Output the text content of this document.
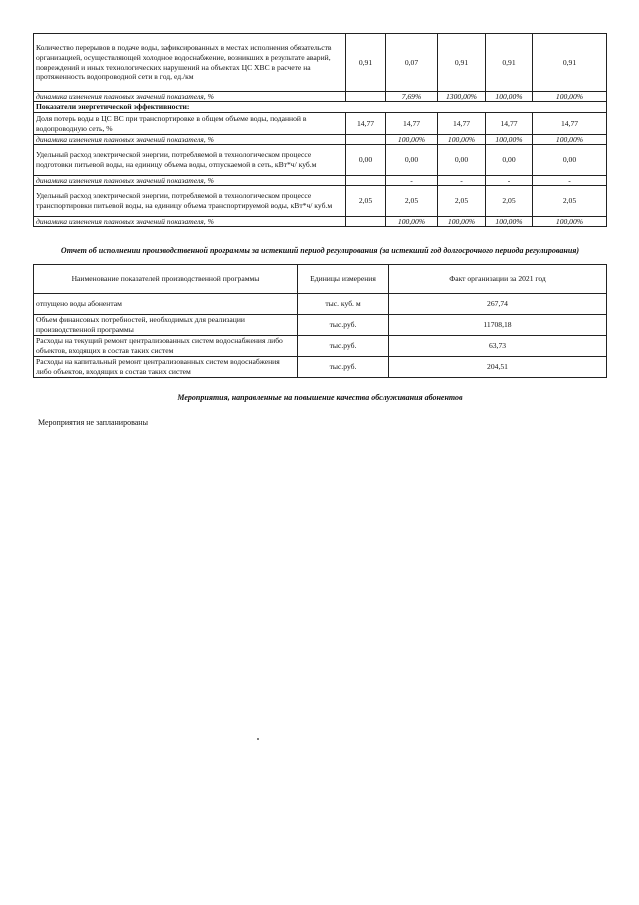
Количество перерывов в подаче воды, зафиксированных в местах исполнения обязательств организацией, осуществляющей холодное водоснабжение, возникших в результате аварий, повреждений и иных технологических нарушений на объектах ЦС ХВС в расчете на протяженность водопроводной сети в год, ед./км	0,91	0,07	0,91	0,91	0,91
динамика изменения плановых значений показателя, %		7,69%	1300,00%	100,00%	100,00%
Показатели энергетической эффективности:					
Доля потерь воды в ЦС ВС при транспортировке в общем объеме воды, поданной в водопроводную сеть, %	14,77	14,77	14,77	14,77	14,77
динамика изменения плановых значений показателя, %		100,00%	100,00%	100,00%	100,00%
Удельный расход электрической энергии, потребляемой в технологическом процессе подготовки питьевой воды, на единицу объема воды, отпускаемой в сеть, кВт*ч/ куб.м	0,00	0,00	0,00	0,00	0,00
динамика изменения плановых значений показателя, %		-	-	-	-
Удельный расход электрической энергии, потребляемой в технологическом процессе транспортировки питьевой воды, на единицу объема транспортируемой воды, кВт*ч/ куб.м	2,05	2,05	2,05	2,05	2,05
динамика изменения плановых значений показателя, %		100,00%	100,00%	100,00%	100,00%
Отчет об исполнении производственной программы за истекший период регулирования (за истекший год долгосрочного периода регулирования)
Наименование показателей производственной программы	Единицы измерения	Факт организации за 2021 год
отпущено воды абонентам	тыс. куб. м	267,74
Объем финансовых потребностей, необходимых для реализации производственной программы	тыс.руб.	11708,18
Расходы на текущий ремонт централизованных систем водоснабжения либо объектов, входящих в состав таких систем	тыс.руб.	63,73
Расходы на капитальный ремонт централизованных систем водоснабжения либо объектов, входящих в состав таких систем	тыс.руб.	204,51
Мероприятия, направленные на повышение качества обслуживания абонентов
Мероприятия не запланированы
